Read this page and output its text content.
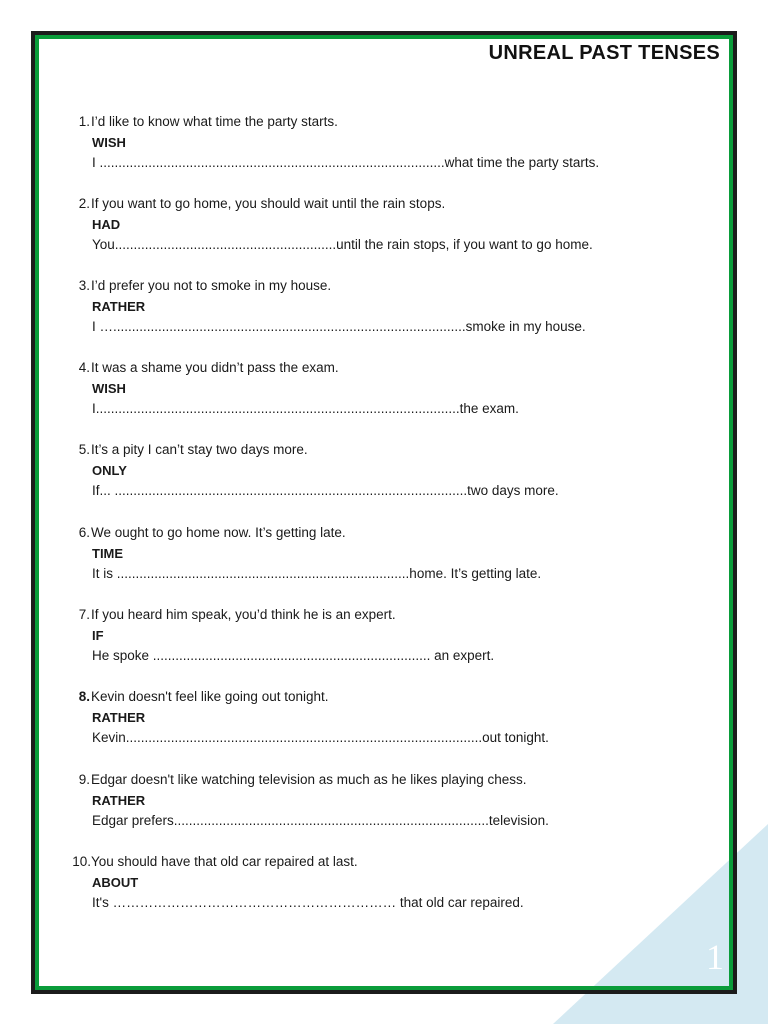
UNREAL PAST TENSES
1. I’d like to know what time the party starts.
WISH
I ............................................................................................what time the party starts.
2. If you want to go home, you should wait until the rain stops.
HAD
You...........................................................until the rain stops, if you want to go home.
3. I’d prefer you not to smoke in my house.
RATHER
I …..............................................................................................smoke in my house.
4. It was a shame you didn’t pass the exam.
WISH
I.................................................................................................the exam.
5. It’s a pity I can’t stay two days more.
ONLY
If... ..............................................................................................two days more.
6. We ought to go home now. It’s getting late.
TIME
It is ..............................................................................home. It’s getting late.
7. If you heard him speak, you’d think he is an expert.
IF
He spoke .......................................................................... an expert.
8. Kevin doesn't feel like going out tonight.
RATHER
Kevin...............................................................................................out tonight.
9. Edgar doesn't like watching television as much as he likes playing chess.
RATHER
Edgar prefers....................................................................................television.
10. You should have that old car repaired at last.
ABOUT
It's ……………………………………………………… that old car repaired.
1
